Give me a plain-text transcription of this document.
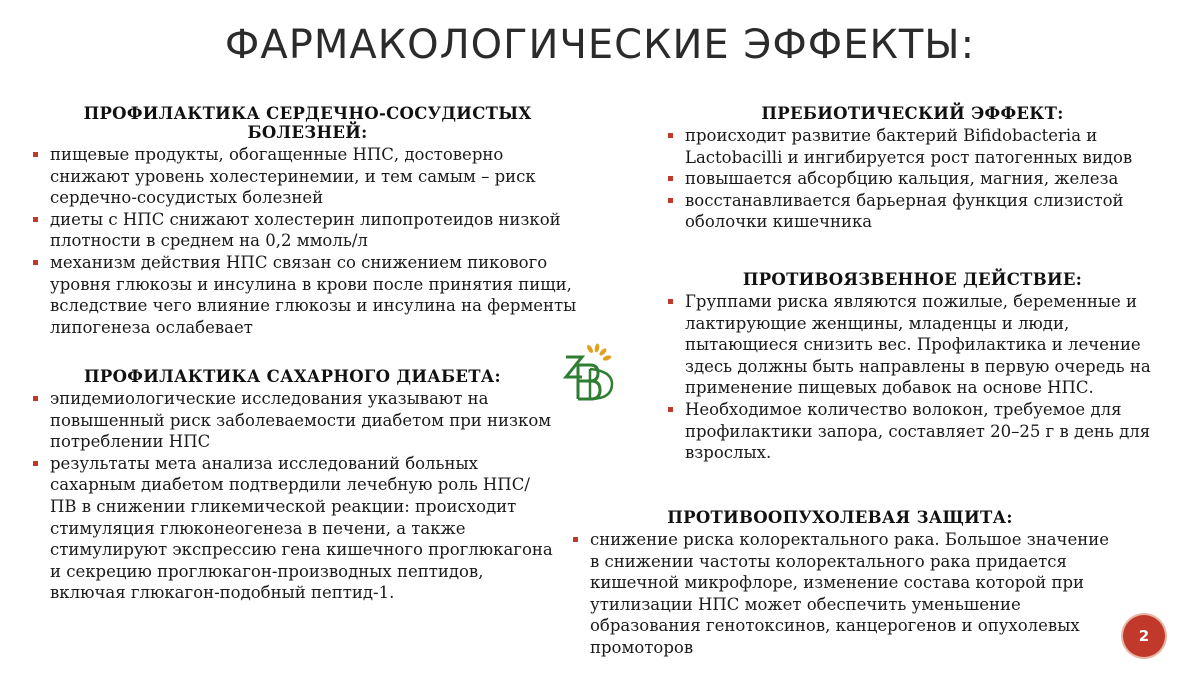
ФАРМАКОЛОГИЧЕСКИЕ ЭФФЕКТЫ:
ПРОФИЛАКТИКА СЕРДЕЧНО-СОСУДИСТЫХ БОЛЕЗНЕЙ:
пищевые продукты, обогащенные НПС, достоверно снижают уровень холестеринемии, и тем самым – риск сердечно-сосудистых болезней
диеты с НПС снижают холестерин липопротеидов низкой плотности в среднем на 0,2 ммоль/л
механизм действия НПС связан со снижением пикового уровня глюкозы и инсулина в крови после принятия пищи, вследствие чего влияние глюкозы и инсулина на ферменты липогенеза ослабевает
ПРОФИЛАКТИКА САХАРНОГО ДИАБЕТА:
эпидемиологические исследования указывают на повышенный риск заболеваемости диабетом при низком потреблении НПС
результаты мета анализа исследований больных сахарным диабетом подтвердили лечебную роль НПС/ПВ в снижении гликемической реакции: происходит стимуляция глюконеогенеза в печени, а также стимулируют экспрессию гена кишечного проглюкагона и секрецию проглюкагон-производных пептидов, включая глюкагон-подобный пептид-1.
ПРЕБИОТИЧЕСКИЙ ЭФФЕКТ:
происходит развитие бактерий Bifidobacteria и Lactobacilli и ингибируется рост патогенных видов
повышается абсорбцию кальция, магния, железа
восстанавливается барьерная функция слизистой оболочки кишечника
ПРОТИВОЯЗВЕННОЕ ДЕЙСТВИЕ:
Группами риска являются пожилые, беременные и лактирующие женщины, младенцы и люди, пытающиеся снизить вес. Профилактика и лечение здесь должны быть направлены в первую очередь на применение пищевых добавок на основе НПС.
Необходимое количество волокон, требуемое для профилактики запора, составляет 20–25 г в день для взрослых.
ПРОТИВООПУХОЛЕВАЯ ЗАЩИТА:
снижение риска колоректального рака. Большое значение в снижении частоты колоректального рака придается кишечной микрофлоре, изменение состава которой при утилизации НПС может обеспечить уменьшение образования генотоксинов, канцерогенов и опухолевых промоторов
2
